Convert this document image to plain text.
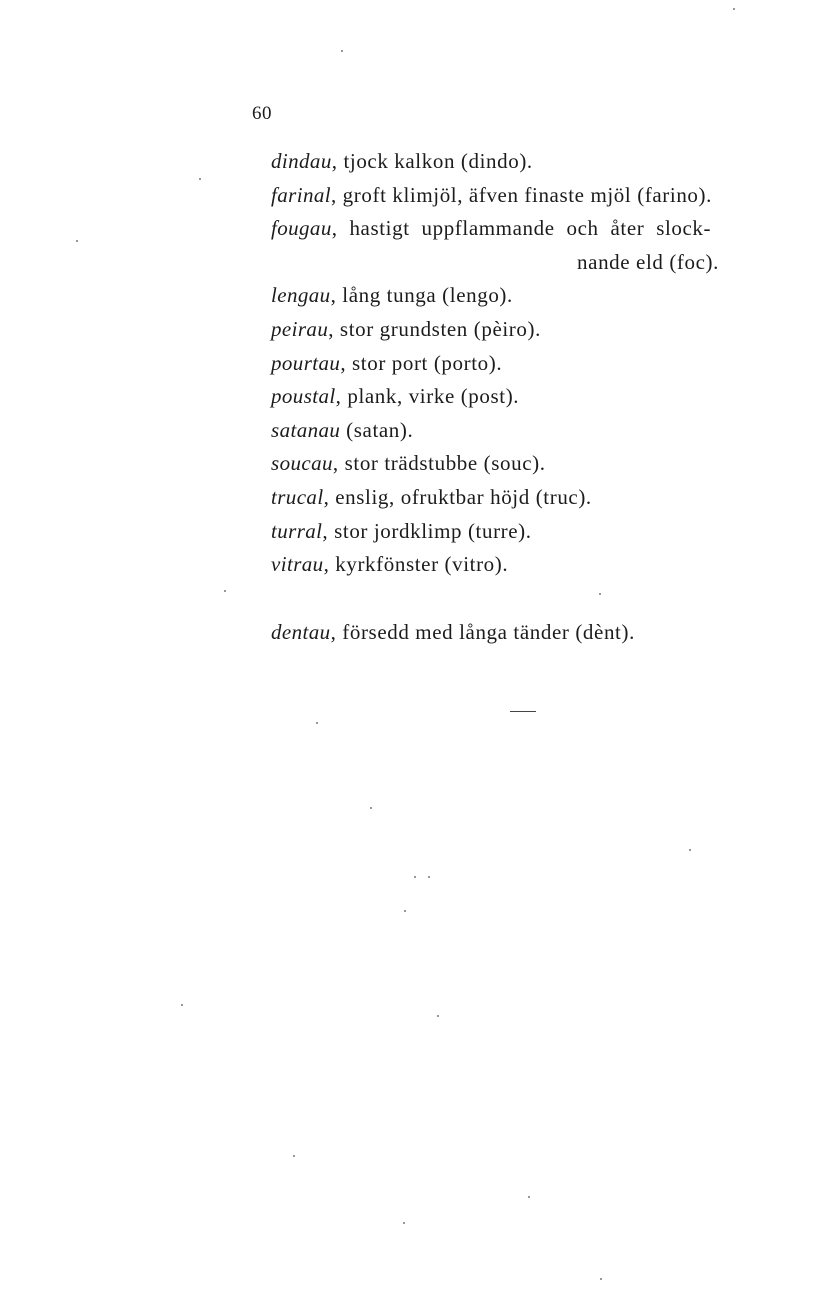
60
dindau, tjock kalkon (dindo).
farinal, groft klimjöl, äfven finaste mjöl (farino).
fougau, hastigt uppflammande och åter slock-
nande eld (foc).
lengau, lång tunga (lengo).
peirau, stor grundsten (pèiro).
pourtau, stor port (porto).
poustal, plank, virke (post).
satanau (satan).
soucau, stor trädstubbe (souc).
trucal, enslig, ofruktbar höjd (truc).
turral, stor jordklimp (turre).
vitrau, kyrkfönster (vitro).
dentau, försedd med långa tänder (dènt).
